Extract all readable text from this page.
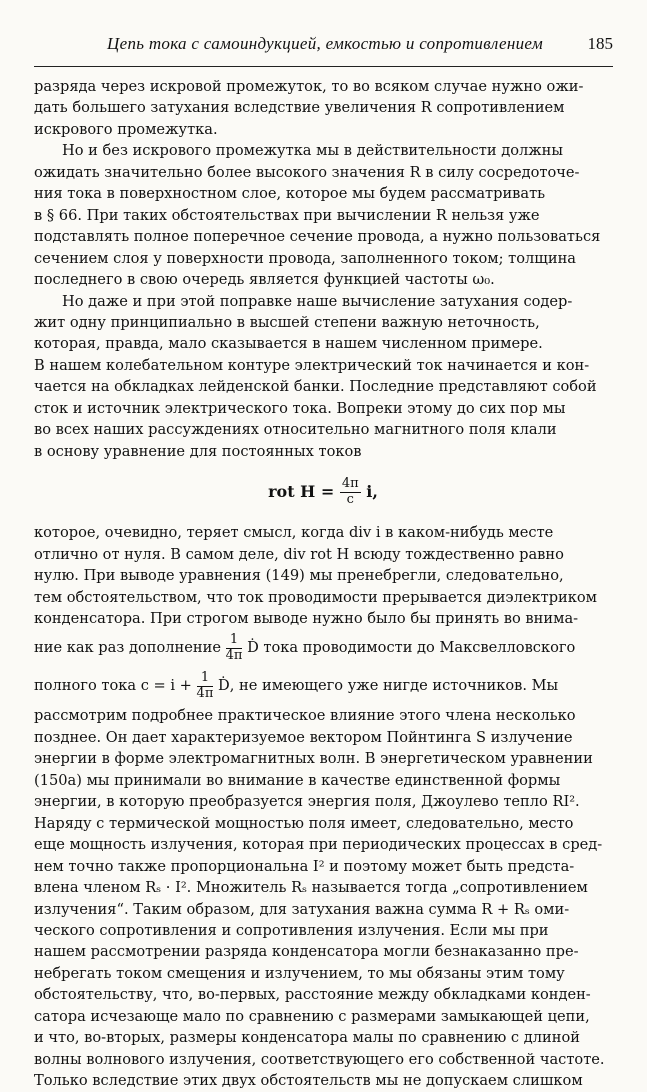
Цепь тока с самоиндукцией, емкостью и сопротивлением	185

разряда через искровой промежуток, то во всяком случае нужно ожи-
дать большего затухания вследствие увеличения R сопротивлением
искрового промежутка.

Но и без искрового промежутка мы в действительности должны
ожидать значительно более высокого значения R в силу сосредоточе-
ния тока в поверхностном слое, которое мы будем рассматривать
в § 66. При таких обстоятельствах при вычислении R нельзя уже
подставлять полное поперечное сечение провода, а нужно пользоваться
сечением слоя у поверхности провода, заполненного током; толщина
последнего в свою очередь является функцией частоты ω₀.

Но даже и при этой поправке наше вычисление затухания содер-
жит одну принципиально в высшей степени важную неточность,
которая, правда, мало сказывается в нашем численном примере.
В нашем колебательном контуре электрический ток начинается и кон-
чается на обкладках лейденской банки. Последние представляют собой
сток и источник электрического тока. Вопреки этому до сих пор мы
во всех наших рассуждениях относительно магнитного поля клали
в основу уравнение для постоянных токов

rot $H = \frac{4\pi}{c} i$,

которое, очевидно, теряет смысл, когда div i в каком-нибудь месте
отлично от нуля. В самом деле, div rot H всюду тождественно равно
нулю. При выводе уравнения (149) мы пренебрегли, следовательно,
тем обстоятельством, что ток проводимости прерывается диэлектриком
конденсатора. При строгом выводе нужно было бы принять во внима-
ние как раз дополнение $\frac{1}{4\pi}$ Ḋ тока проводимости до Максвелловского
полного тока $c = i + \frac{1}{4\pi}$ Ḋ, не имеющего уже нигде источников. Мы

рассмотрим подробнее практическое влияние этого члена несколько
позднее. Он дает характеризуемое вектором Пойнтинга S излучение
энергии в форме электромагнитных волн. В энергетическом уравнении
(150a) мы принимали во внимание в качестве единственной формы
энергии, в которую преобразуется энергия поля, Джоулево тепло RI².
Наряду с термической мощностью поля имеет, следовательно, место
еще мощность излучения, которая при периодических процессах в сред-
нем точно также пропорциональна I² и поэтому может быть предста-
влена членом Rₛ · I². Множитель Rₛ называется тогда „сопротивлением
излучения“. Таким образом, для затухания важна сумма R + Rₛ оми-
ческого сопротивления и сопротивления излучения. Если мы при
нашем рассмотрении разряда конденсатора могли безнаказанно пре-
небрегать током смещения и излучением, то мы обязаны этим тому
обстоятельству, что, во-первых, расстояние между обкладками конден-
сатора исчезающе мало по сравнению с размерами замыкающей цепи,
и что, во-вторых, размеры конденсатора малы по сравнению с длиной
волны волнового излучения, соответствующего его собственной частоте.
Только вследствие этих двух обстоятельств мы не допускаем слишком
